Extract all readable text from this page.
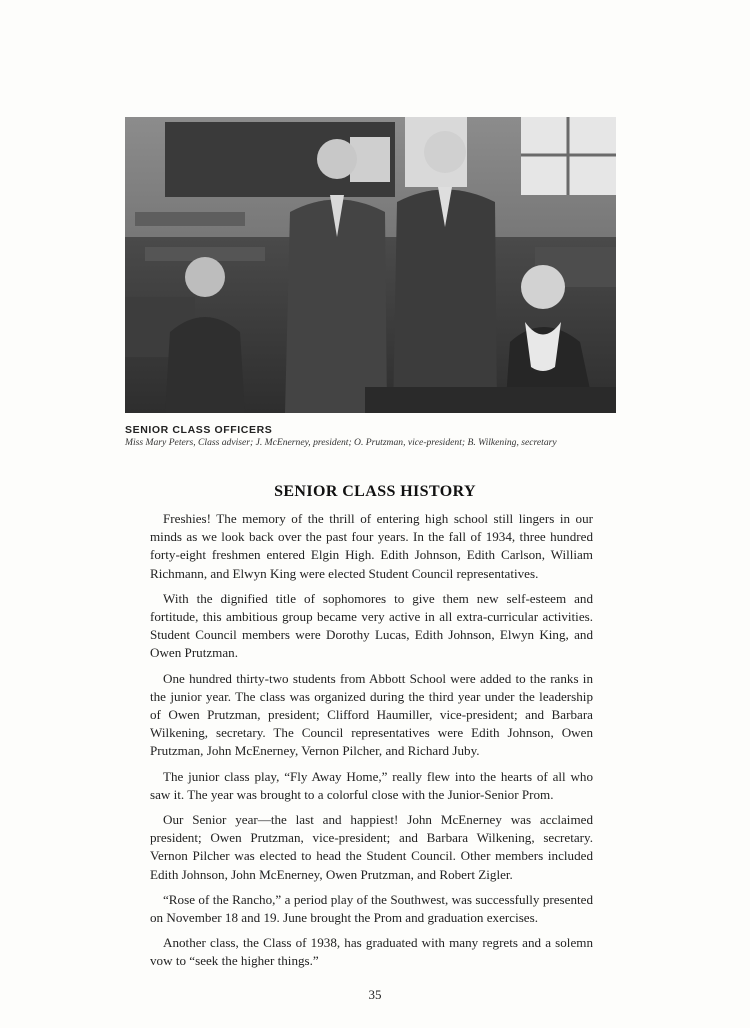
SENIOR CLASS OFFICERS
Miss Mary Peters, Class adviser; J. McEnerney, president; O. Prutzman, vice-president; B. Wilkening, secretary
SENIOR CLASS HISTORY

Freshies! The memory of the thrill of entering high school still lingers in our minds as we look back over the past four years. In the fall of 1934, three hundred forty-eight freshmen entered Elgin High. Edith Johnson, Edith Carlson, William Richmann, and Elwyn King were elected Student Council representatives.

With the dignified title of sophomores to give them new self-esteem and fortitude, this ambitious group became very active in all extra-curricular activities. Student Council members were Dorothy Lucas, Edith Johnson, Elwyn King, and Owen Prutzman.

One hundred thirty-two students from Abbott School were added to the ranks in the junior year. The class was organized during the third year under the leadership of Owen Prutzman, president; Clifford Haumiller, vice-president; and Barbara Wilkening, secretary. The Council representatives were Edith Johnson, Owen Prutzman, John McEnerney, Vernon Pilcher, and Richard Juby.

The junior class play, “Fly Away Home,” really flew into the hearts of all who saw it. The year was brought to a colorful close with the Junior-Senior Prom.

Our Senior year—the last and happiest! John McEnerney was acclaimed president; Owen Prutzman, vice-president; and Barbara Wilkening, secretary. Vernon Pilcher was elected to head the Student Council. Other members included Edith Johnson, John McEnerney, Owen Prutzman, and Robert Zigler.

“Rose of the Rancho,” a period play of the Southwest, was successfully presented on November 18 and 19. June brought the Prom and graduation exercises.

Another class, the Class of 1938, has graduated with many regrets and a solemn vow to “seek the higher things.”

35
